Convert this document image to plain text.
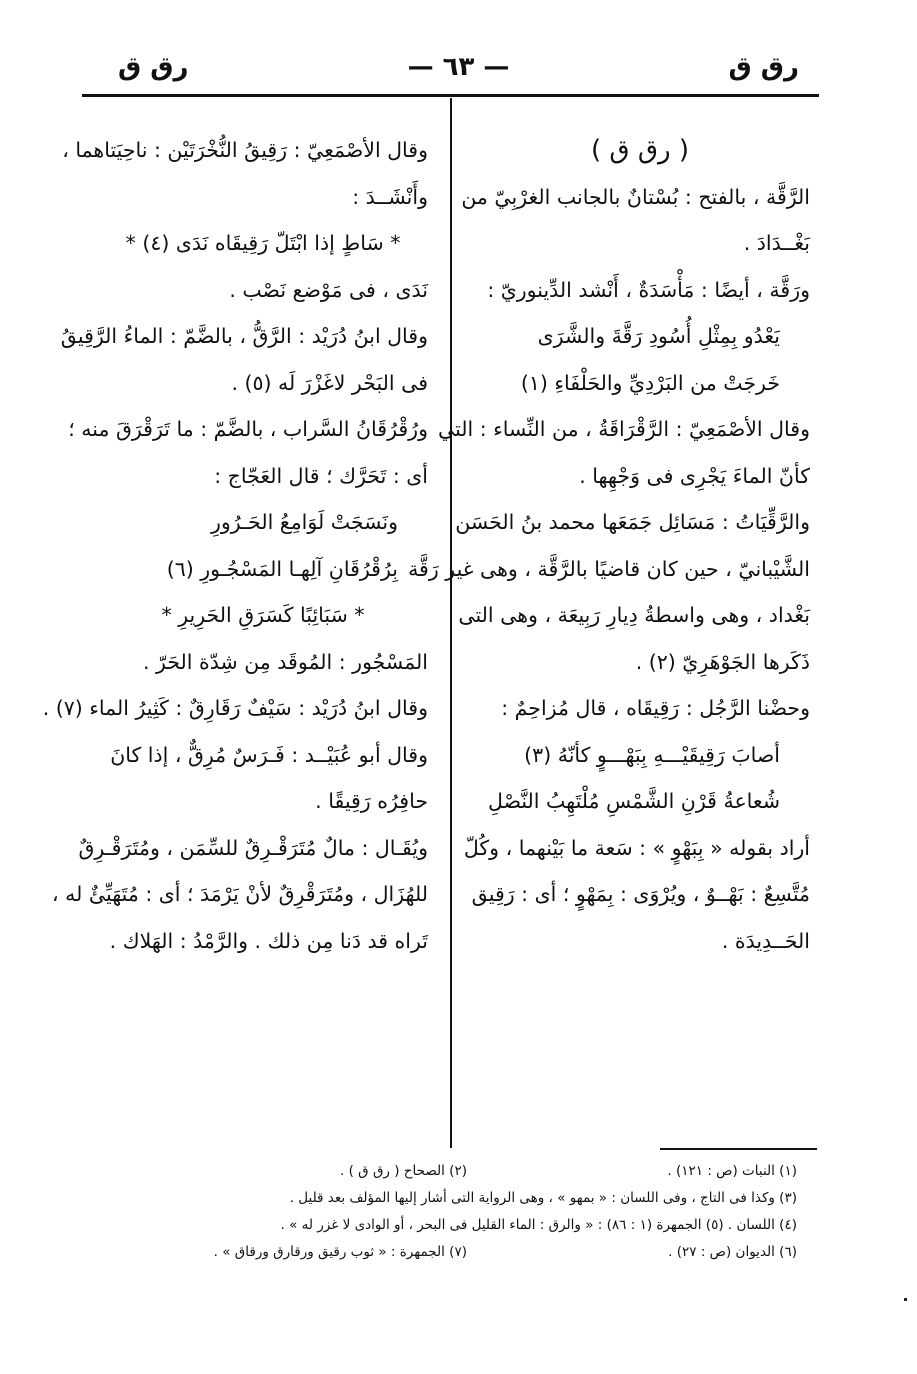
رق ق	— ٦٣ —	رق ق
( رق ق )
الرَّقَّة ، بالفتح : بُسْتانٌ بالجانب الغرْبِيّ من
بَغْــدَادَ .
ورَقَّة ، أيضًا : مَأْسَدَةٌ ، أَنْشد الدِّينوريّ :
يَعْدُو بِمِثْلِ أُسُودِ رَقَّةَ والشَّرَى
خَرجَتْ من البَرْدِيِّ والحَلْفَاءِ (١)
وقال الأصْمَعِيّ : الرَّقْرَاقَةُ ، من النِّساء : التي
كأنّ الماءَ يَجْرِى فى وَجْهِها .
والرَّقِّيَاتُ : مَسَائِل جَمَعَها محمد بنُ الحَسَن
الشَّيْبانيّ ، حين كان قاضيًا بالرَّقَّة ، وهى غير رَقَّة
بَغْداد ، وهى واسطةُ دِيارِ رَبِيعَة ، وهى التى
ذَكَرها الجَوْهَرِيّ (٢) .
وحضْنا الرَّجُل : رَقِيقَاه ، قال مُزاحِمٌ :
أصابَ رَقِيقَيْـــهِ بِبَهْـــوٍ كأنّهُ (٣)
شُعاعةُ قَرْنِ الشَّمْسِ مُلْتَهِبُ النَّصْلِ
أراد بقوله « بِبَهْوٍ » : سَعة ما بَيْنهما ، وكُلّ
مُتَّسِعٌ : بَهْــوٌ ، ويُرْوَى : بِمَهْوٍ ؛ أى : رَقِيق
الحَــدِيدَة .
وقال الأصْمَعِيّ : رَقِيقُ النُّخْرَتَيْن : ناحِيَتاهما ،
وأَنْشَــدَ :
* سَاطٍ إذا ابْتَلّ رَقِيقَاه نَدَى (٤) *
نَدَى ، فى مَوْضع نَصْب .
وقال ابنُ دُرَيْد : الرَّقُّ ، بالضَّمّ : الماءُ الرَّقِيقُ
فى البَحْر لاغَزْرَ لَه (٥) .
ورُقْرُقَانُ السَّراب ، بالضَّمّ : ما تَرَقْرَقَ منه ؛
أى : تَحَرَّك ؛ قال العَجّاج :
ونَسَجَتْ لَوَامِعُ الحَـرُورِ
بِرُقْرُقَانِ آلِهـا المَسْجُـورِ (٦)
* سَبَائِبًا كَسَرَقِ الحَرِيرِ *
المَسْجُور : المُوقَد مِن شِدّة الحَرّ .
وقال ابنُ دُرَيْد : سَيْفٌ رَقَارِقٌ : كَثِيرُ الماء (٧) .
وقال أبو عُبَيْــد : فَـرَسٌ مُرِقٌّ ، إذا كانَ
حافِرُه رَقِيقًا .
ويُقَـال : مالٌ مُتَرَقْـرِقٌ للسِّمَن ، ومُتَرَقْـرِقٌ
للهُزَال ، ومُتَرَقْرِقٌ لأنْ يَرْمَدَ ؛ أى : مُتَهَيِّئٌ له ،
تَراه قد دَنا مِن ذلك . والرَّمْدُ : الهَلاك .
(١) النبات (ص : ١٢١) .(٢) الصحاح ( رق ق ) .
(٣) وكذا فى التاج ، وفى اللسان : « بمهو » ، وهى الرواية التى أشار إليها المؤلف بعد قليل .
(٤) اللسان . (٥) الجمهرة (١ : ٨٦) : « والرق : الماء القليل فى البحر ، أو الوادى لا غزر له » .
(٦) الديوان (ص : ٢٧) .(٧) الجمهرة : « ثوب رقيق ورقارق ورقاق » .
